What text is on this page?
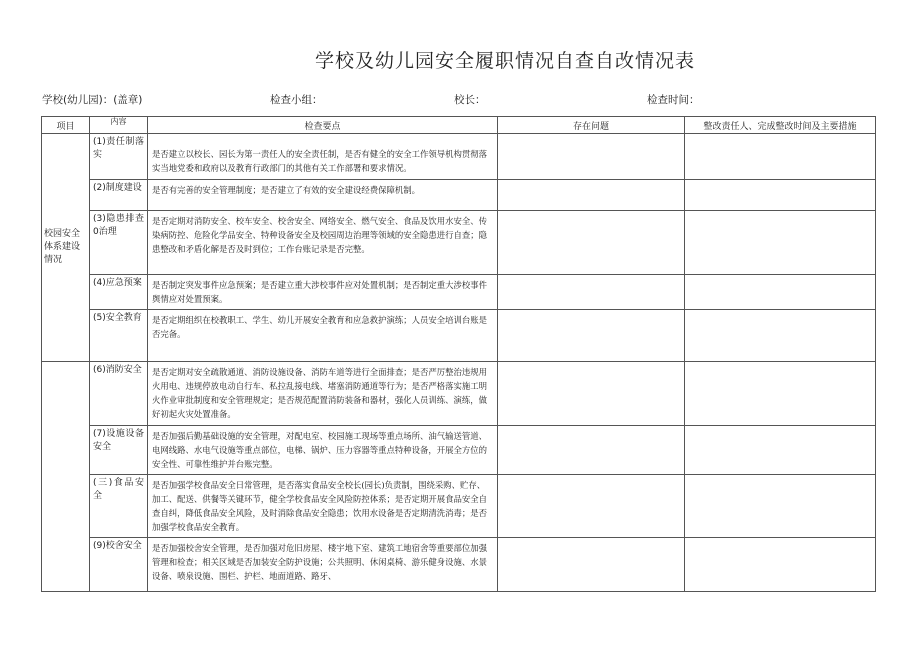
学校及幼儿园安全履职情况自查自改情况表
学校(幼儿园)：(盖章)	检查小组：	校长：	检查时间：
项目	内容	检查要点	存在问题	整改责任人、完成整改时间及主要措施
校园安全体系建设情况	(1)责任制落实	是否建立以校长、园长为第一责任人的安全责任制，是否有健全的安全工作领导机构贯彻落实当地党委和政府以及教育行政部门的其他有关工作部署和要求情况。		
	(2)制度建设	是否有完善的安全管理制度；是否建立了有效的安全建设经费保障机制。		
	(3)隐患排查0治理	是否定期对消防安全、校车安全、校舍安全、网络安全、燃气安全、食品及饮用水安全、传染病防控、危险化学品安全、特种设备安全及校园周边治理等领域的安全隐患进行自查；隐患整改和矛盾化解是否及时到位；工作台账记录是否完整。		
	(4)应急预案	是否制定突发事件应急预案；是否建立重大涉校事件应对处置机制；是否制定重大涉校事件舆情应对处置预案。		
	(5)安全教育	是否定期组织在校教职工、学生、幼儿开展安全教育和应急救护演练；人员安全培训台账是否完备。		
	(6)消防安全	是否定期对安全疏散通道、消防设施设备、消防车道等进行全面排查；是否严厉整治违规用火用电、违规停放电动自行车、私拉乱接电线、堵塞消防通道等行为；是否严格落实施工明火作业审批制度和安全管理规定；是否规范配置消防装备和器材，强化人员训练、演练，做好初起火灾处置准备。		
	(7)设施设备安全	是否加强后勤基础设施的安全管理，对配电室、校园施工现场等重点场所、油气输送管道、电网线路、水电气设施等重点部位，电梯、锅炉、压力容器等重点特种设备，开展全方位的安全性、可靠性维护并台账完整。		
	(三)食品安全	是否加强学校食品安全日常管理，是否落实食品安全校长(园长)负责制，围绕采购、贮存、加工、配送、供餐等关键环节，健全学校食品安全风险防控体系；是否定期开展食品安全自查自纠，降低食品安全风险，及时消除食品安全隐患；饮用水设备是否定期清洗消毒；是否加强学校食品安全教育。		
	(9)校舍安全	是否加强校舍安全管理，是否加强对危旧房屋、楼宇地下室、建筑工地宿舍等重要部位加强管理和检查；相关区域是否加装安全防护设施；公共照明、休闲桌椅、游乐健身设施、水景设备、喷泉设施、围栏、护栏、地面道路、路牙、		
